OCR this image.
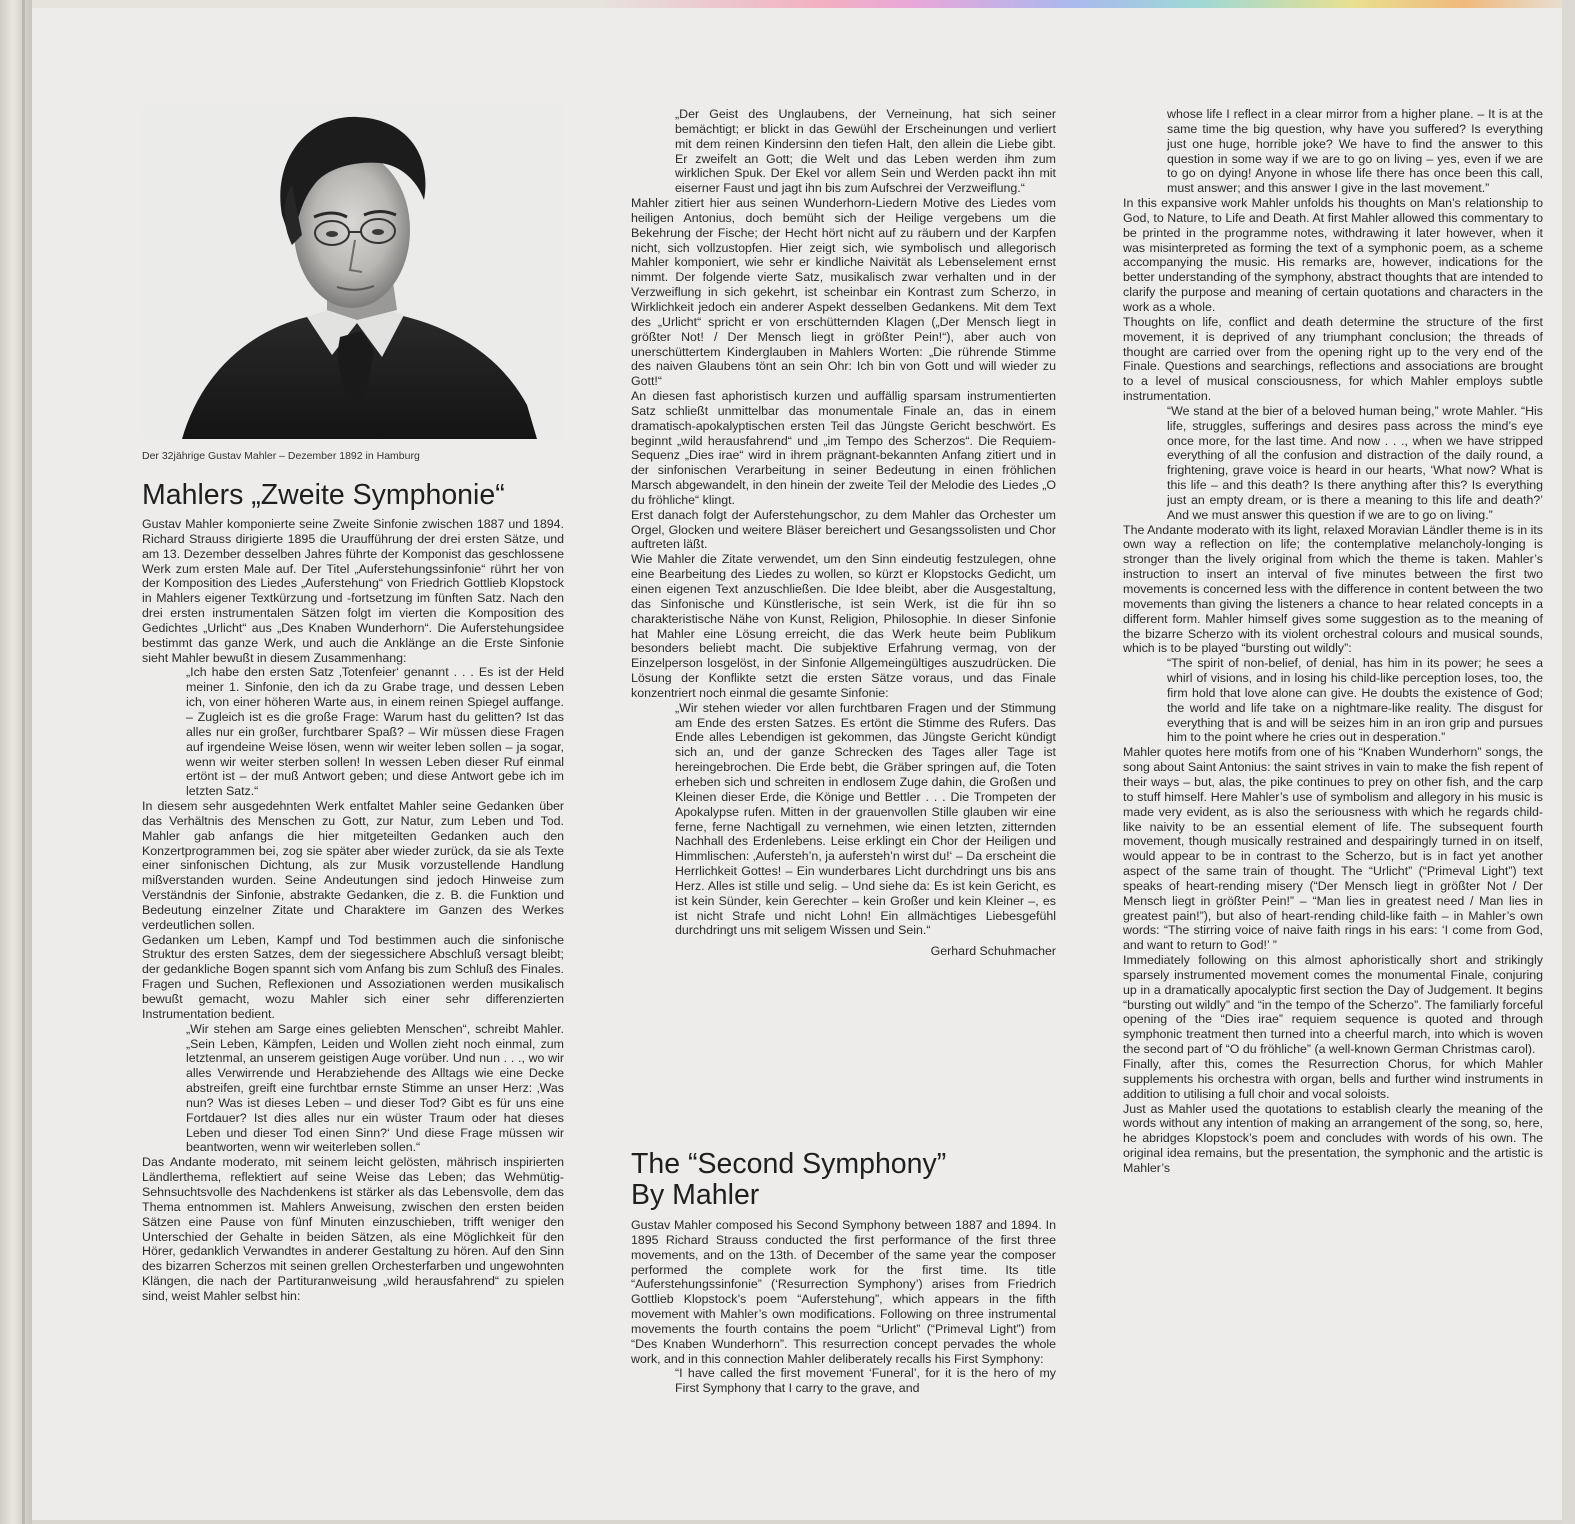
Der 32jährige Gustav Mahler – Dezember 1892 in Hamburg
Mahlers „Zweite Symphonie“

Gustav Mahler komponierte seine Zweite Sinfonie zwischen 1887 und 1894. Richard Strauss dirigierte 1895 die Uraufführung der drei ersten Sätze, und am 13. Dezember desselben Jahres führte der Komponist das geschlossene Werk zum ersten Male auf. Der Titel „Auferstehungssinfonie“ rührt her von der Komposition des Liedes „Auferstehung“ von Friedrich Gottlieb Klopstock in Mahlers eigener Textkürzung und -fortsetzung im fünften Satz. Nach den drei ersten instrumentalen Sätzen folgt im vierten die Komposition des Gedichtes „Urlicht“ aus „Des Knaben Wunderhorn“. Die Auferstehungsidee bestimmt das ganze Werk, und auch die Anklänge an die Erste Sinfonie sieht Mahler bewußt in diesem Zusammenhang:

„Ich habe den ersten Satz ‚Totenfeier‘ genannt . . . Es ist der Held meiner 1. Sinfonie, den ich da zu Grabe trage, und dessen Leben ich, von einer höheren Warte aus, in einem reinen Spiegel auffange. – Zugleich ist es die große Frage: Warum hast du gelitten? Ist das alles nur ein großer, furchtbarer Spaß? – Wir müssen diese Fragen auf irgendeine Weise lösen, wenn wir weiter leben sollen – ja sogar, wenn wir weiter sterben sollen! In wessen Leben dieser Ruf einmal ertönt ist – der muß Antwort geben; und diese Antwort gebe ich im letzten Satz.“

In diesem sehr ausgedehnten Werk entfaltet Mahler seine Gedanken über das Verhältnis des Menschen zu Gott, zur Natur, zum Leben und Tod. Mahler gab anfangs die hier mitgeteilten Gedanken auch den Konzertprogrammen bei, zog sie später aber wieder zurück, da sie als Texte einer sinfonischen Dichtung, als zur Musik vorzustellende Handlung mißverstanden wurden. Seine Andeutungen sind jedoch Hinweise zum Verständnis der Sinfonie, abstrakte Gedanken, die z. B. die Funktion und Bedeutung einzelner Zitate und Charaktere im Ganzen des Werkes verdeutlichen sollen.

Gedanken um Leben, Kampf und Tod bestimmen auch die sinfonische Struktur des ersten Satzes, dem der siegessichere Abschluß versagt bleibt; der gedankliche Bogen spannt sich vom Anfang bis zum Schluß des Finales. Fragen und Suchen, Reflexionen und Assoziationen werden musikalisch bewußt gemacht, wozu Mahler sich einer sehr differenzierten Instrumentation bedient.

„Wir stehen am Sarge eines geliebten Menschen“, schreibt Mahler. „Sein Leben, Kämpfen, Leiden und Wollen zieht noch einmal, zum letztenmal, an unserem geistigen Auge vorüber. Und nun . . ., wo wir alles Verwirrende und Herabziehende des Alltags wie eine Decke abstreifen, greift eine furchtbar ernste Stimme an unser Herz: ‚Was nun? Was ist dieses Leben – und dieser Tod? Gibt es für uns eine Fortdauer? Ist dies alles nur ein wüster Traum oder hat dieses Leben und dieser Tod einen Sinn?‘ Und diese Frage müssen wir beantworten, wenn wir weiterleben sollen.“

Das Andante moderato, mit seinem leicht gelösten, mährisch inspirierten Ländlerthema, reflektiert auf seine Weise das Leben; das Wehmütig-Sehnsuchtsvolle des Nachdenkens ist stärker als das Lebensvolle, dem das Thema entnommen ist. Mahlers Anweisung, zwischen den ersten beiden Sätzen eine Pause von fünf Minuten einzuschieben, trifft weniger den Unterschied der Gehalte in beiden Sätzen, als eine Möglichkeit für den Hörer, gedanklich Verwandtes in anderer Gestaltung zu hören. Auf den Sinn des bizarren Scherzos mit seinen grellen Orchesterfarben und ungewohnten Klängen, die nach der Partituranweisung „wild herausfahrend“ zu spielen sind, weist Mahler selbst hin:

„Der Geist des Unglaubens, der Verneinung, hat sich seiner bemächtigt; er blickt in das Gewühl der Erscheinungen und verliert mit dem reinen Kindersinn den tiefen Halt, den allein die Liebe gibt. Er zweifelt an Gott; die Welt und das Leben werden ihm zum wirklichen Spuk. Der Ekel vor allem Sein und Werden packt ihn mit eiserner Faust und jagt ihn bis zum Aufschrei der Verzweiflung.“

Mahler zitiert hier aus seinen Wunderhorn-Liedern Motive des Liedes vom heiligen Antonius, doch bemüht sich der Heilige vergebens um die Bekehrung der Fische; der Hecht hört nicht auf zu räubern und der Karpfen nicht, sich vollzustopfen. Hier zeigt sich, wie symbolisch und allegorisch Mahler komponiert, wie sehr er kindliche Naivität als Lebenselement ernst nimmt. Der folgende vierte Satz, musikalisch zwar verhalten und in der Verzweiflung in sich gekehrt, ist scheinbar ein Kontrast zum Scherzo, in Wirklichkeit jedoch ein anderer Aspekt desselben Gedankens. Mit dem Text des „Urlicht“ spricht er von erschütternden Klagen („Der Mensch liegt in größter Not! / Der Mensch liegt in größter Pein!“), aber auch von unerschüttertem Kinderglauben in Mahlers Worten: „Die rührende Stimme des naiven Glaubens tönt an sein Ohr: Ich bin von Gott und will wieder zu Gott!“

An diesen fast aphoristisch kurzen und auffällig sparsam instrumentierten Satz schließt unmittelbar das monumentale Finale an, das in einem dramatisch-apokalyptischen ersten Teil das Jüngste Gericht beschwört. Es beginnt „wild herausfahrend“ und „im Tempo des Scherzos“. Die Requiem-Sequenz „Dies irae“ wird in ihrem prägnant-bekannten Anfang zitiert und in der sinfonischen Verarbeitung in seiner Bedeutung in einen fröhlichen Marsch abgewandelt, in den hinein der zweite Teil der Melodie des Liedes „O du fröhliche“ klingt.

Erst danach folgt der Auferstehungschor, zu dem Mahler das Orchester um Orgel, Glocken und weitere Bläser bereichert und Gesangssolisten und Chor auftreten läßt.

Wie Mahler die Zitate verwendet, um den Sinn eindeutig festzulegen, ohne eine Bearbeitung des Liedes zu wollen, so kürzt er Klopstocks Gedicht, um einen eigenen Text anzuschließen. Die Idee bleibt, aber die Ausgestaltung, das Sinfonische und Künstlerische, ist sein Werk, ist die für ihn so charakteristische Nähe von Kunst, Religion, Philosophie. In dieser Sinfonie hat Mahler eine Lösung erreicht, die das Werk heute beim Publikum besonders beliebt macht. Die subjektive Erfahrung vermag, von der Einzelperson losgelöst, in der Sinfonie Allgemeingültiges auszudrücken. Die Lösung der Konflikte setzt die ersten Sätze voraus, und das Finale konzentriert noch einmal die gesamte Sinfonie:

„Wir stehen wieder vor allen furchtbaren Fragen und der Stimmung am Ende des ersten Satzes. Es ertönt die Stimme des Rufers. Das Ende alles Lebendigen ist gekommen, das Jüngste Gericht kündigt sich an, und der ganze Schrecken des Tages aller Tage ist hereingebrochen. Die Erde bebt, die Gräber springen auf, die Toten erheben sich und schreiten in endlosem Zuge dahin, die Großen und Kleinen dieser Erde, die Könige und Bettler . . . Die Trompeten der Apokalypse rufen. Mitten in der grauenvollen Stille glauben wir eine ferne, ferne Nachtigall zu vernehmen, wie einen letzten, zitternden Nachhall des Erdenlebens. Leise erklingt ein Chor der Heiligen und Himmlischen: ‚Aufersteh’n, ja aufersteh’n wirst du!‘ – Da erscheint die Herrlichkeit Gottes! – Ein wunderbares Licht durchdringt uns bis ans Herz. Alles ist stille und selig. – Und siehe da: Es ist kein Gericht, es ist kein Sünder, kein Gerechter – kein Großer und kein Kleiner –, es ist nicht Strafe und nicht Lohn! Ein allmächtiges Liebesgefühl durchdringt uns mit seligem Wissen und Sein.“

Gerhard Schuhmacher

The “Second Symphony”
By Mahler

Gustav Mahler composed his Second Symphony between 1887 and 1894. In 1895 Richard Strauss conducted the first performance of the first three movements, and on the 13th. of December of the same year the composer performed the complete work for the first time. Its title “Auferstehungssinfonie” (‘Resurrection Symphony’) arises from Friedrich Gottlieb Klopstock’s poem “Auferstehung”, which appears in the fifth movement with Mahler’s own modifications. Following on three instrumental movements the fourth contains the poem “Urlicht” (“Primeval Light”) from “Des Knaben Wunderhorn”. This resurrection concept pervades the whole work, and in this connection Mahler deliberately recalls his First Symphony:

“I have called the first movement ‘Funeral’, for it is the hero of my First Symphony that I carry to the grave, and

whose life I reflect in a clear mirror from a higher plane. – It is at the same time the big question, why have you suffered? Is everything just one huge, horrible joke? We have to find the answer to this question in some way if we are to go on living – yes, even if we are to go on dying! Anyone in whose life there has once been this call, must answer; and this answer I give in the last movement.”

In this expansive work Mahler unfolds his thoughts on Man’s relationship to God, to Nature, to Life and Death. At first Mahler allowed this commentary to be printed in the programme notes, withdrawing it later however, when it was misinterpreted as forming the text of a symphonic poem, as a scheme accompanying the music. His remarks are, however, indications for the better understanding of the symphony, abstract thoughts that are intended to clarify the purpose and meaning of certain quotations and characters in the work as a whole.

Thoughts on life, conflict and death determine the structure of the first movement, it is deprived of any triumphant conclusion; the threads of thought are carried over from the opening right up to the very end of the Finale. Questions and searchings, reflections and associations are brought to a level of musical consciousness, for which Mahler employs subtle instrumentation.

“We stand at the bier of a beloved human being,” wrote Mahler. “His life, struggles, sufferings and desires pass across the mind’s eye once more, for the last time. And now . . ., when we have stripped everything of all the confusion and distraction of the daily round, a frightening, grave voice is heard in our hearts, ‘What now? What is this life – and this death? Is there anything after this? Is everything just an empty dream, or is there a meaning to this life and death?’ And we must answer this question if we are to go on living.”

The Andante moderato with its light, relaxed Moravian Ländler theme is in its own way a reflection on life; the contemplative melancholy-longing is stronger than the lively original from which the theme is taken. Mahler’s instruction to insert an interval of five minutes between the first two movements is concerned less with the difference in content between the two movements than giving the listeners a chance to hear related concepts in a different form. Mahler himself gives some suggestion as to the meaning of the bizarre Scherzo with its violent orchestral colours and musical sounds, which is to be played “bursting out wildly”:

“The spirit of non-belief, of denial, has him in its power; he sees a whirl of visions, and in losing his child-like perception loses, too, the firm hold that love alone can give. He doubts the existence of God; the world and life take on a nightmare-like reality. The disgust for everything that is and will be seizes him in an iron grip and pursues him to the point where he cries out in desperation.”

Mahler quotes here motifs from one of his “Knaben Wunderhorn” songs, the song about Saint Antonius: the saint strives in vain to make the fish repent of their ways – but, alas, the pike continues to prey on other fish, and the carp to stuff himself. Here Mahler’s use of symbolism and allegory in his music is made very evident, as is also the seriousness with which he regards child-like naivity to be an essential element of life. The subsequent fourth movement, though musically restrained and despairingly turned in on itself, would appear to be in contrast to the Scherzo, but is in fact yet another aspect of the same train of thought. The “Urlicht” (“Primeval Light”) text speaks of heart-rending misery (“Der Mensch liegt in größter Not / Der Mensch liegt in größter Pein!” – “Man lies in greatest need / Man lies in greatest pain!”), but also of heart-rending child-like faith – in Mahler’s own words: “The stirring voice of naive faith rings in his ears: ‘I come from God, and want to return to God!’ ”

Immediately following on this almost aphoristically short and strikingly sparsely instrumented movement comes the monumental Finale, conjuring up in a dramatically apocalyptic first section the Day of Judgement. It begins “bursting out wildly” and “in the tempo of the Scherzo”. The familiarly forceful opening of the “Dies irae” requiem sequence is quoted and through symphonic treatment then turned into a cheerful march, into which is woven the second part of “O du fröhliche” (a well-known German Christmas carol).

Finally, after this, comes the Resurrection Chorus, for which Mahler supplements his orchestra with organ, bells and further wind instruments in addition to utilising a full choir and vocal soloists.

Just as Mahler used the quotations to establish clearly the meaning of the words without any intention of making an arrangement of the song, so, here, he abridges Klopstock’s poem and concludes with words of his own. The original idea remains, but the presentation, the symphonic and the artistic is Mahler’s
